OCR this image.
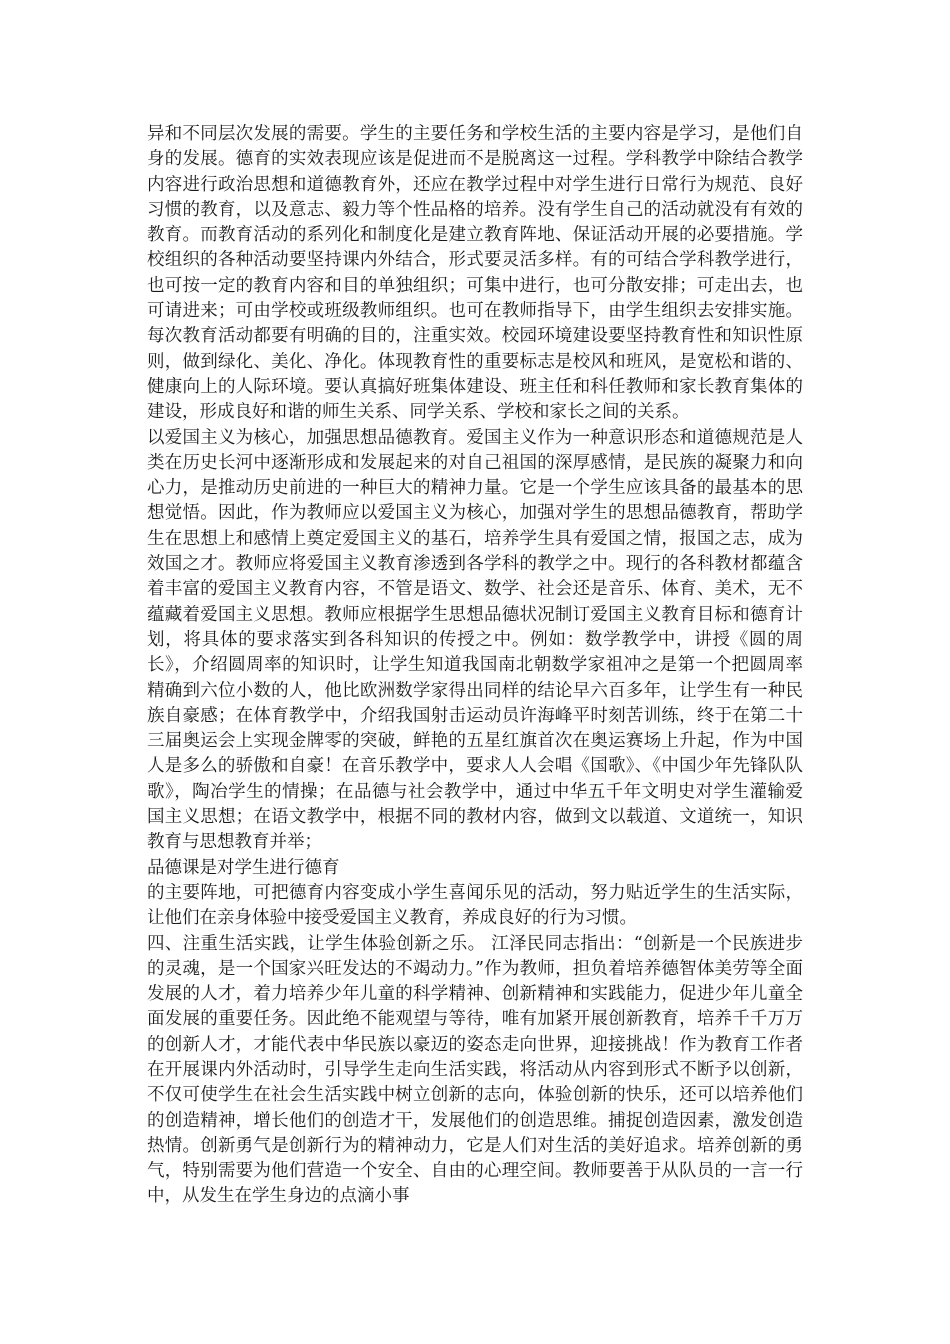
异和不同层次发展的需要。学生的主要任务和学校生活的主要内容是学习，是他们自身的发展。德育的实效表现应该是促进而不是脱离这一过程。学科教学中除结合教学内容进行政治思想和道德教育外，还应在教学过程中对学生进行日常行为规范、良好习惯的教育，以及意志、毅力等个性品格的培养。没有学生自己的活动就没有有效的教育。而教育活动的系列化和制度化是建立教育阵地、保证活动开展的必要措施。学校组织的各种活动要坚持课内外结合，形式要灵活多样。有的可结合学科教学进行，也可按一定的教育内容和目的单独组织；可集中进行，也可分散安排；可走出去，也可请进来；可由学校或班级教师组织。也可在教师指导下，由学生组织去安排实施。每次教育活动都要有明确的目的，注重实效。校园环境建设要坚持教育性和知识性原则，做到绿化、美化、净化。体现教育性的重要标志是校风和班风，是宽松和谐的、健康向上的人际环境。要认真搞好班集体建设、班主任和科任教师和家长教育集体的建设，形成良好和谐的师生关系、同学关系、学校和家长之间的关系。

以爱国主义为核心，加强思想品德教育。爱国主义作为一种意识形态和道德规范是人类在历史长河中逐渐形成和发展起来的对自己祖国的深厚感情，是民族的凝聚力和向心力，是推动历史前进的一种巨大的精神力量。它是一个学生应该具备的最基本的思想觉悟。因此，作为教师应以爱国主义为核心，加强对学生的思想品德教育，帮助学生在思想上和感情上奠定爱国主义的基石，培养学生具有爱国之情，报国之志，成为效国之才。教师应将爱国主义教育渗透到各学科的教学之中。现行的各科教材都蕴含着丰富的爱国主义教育内容，不管是语文、数学、社会还是音乐、体育、美术，无不蕴藏着爱国主义思想。教师应根据学生思想品德状况制订爱国主义教育目标和德育计划，将具体的要求落实到各科知识的传授之中。例如：数学教学中，讲授《圆的周长》，介绍圆周率的知识时，让学生知道我国南北朝数学家祖冲之是第一个把圆周率精确到六位小数的人，他比欧洲数学家得出同样的结论早六百多年，让学生有一种民族自豪感；在体育教学中，介绍我国射击运动员许海峰平时刻苦训练，终于在第二十三届奥运会上实现金牌零的突破，鲜艳的五星红旗首次在奥运赛场上升起，作为中国人是多么的骄傲和自豪！在音乐教学中，要求人人会唱《国歌》、《中国少年先锋队队歌》，陶冶学生的情操；在品德与社会教学中，通过中华五千年文明史对学生灌输爱国主义思想；在语文教学中，根据不同的教材内容，做到文以载道、文道统一，知识教育与思想教育并举；

品德课是对学生进行德育

的主要阵地，可把德育内容变成小学生喜闻乐见的活动，努力贴近学生的生活实际，让他们在亲身体验中接受爱国主义教育，养成良好的行为习惯。

四、注重生活实践，让学生体验创新之乐。 江泽民同志指出：“创新是一个民族进步的灵魂，是一个国家兴旺发达的不竭动力。”作为教师，担负着培养德智体美劳等全面发展的人才，着力培养少年儿童的科学精神、创新精神和实践能力，促进少年儿童全面发展的重要任务。因此绝不能观望与等待，唯有加紧开展创新教育，培养千千万万的创新人才，才能代表中华民族以豪迈的姿态走向世界，迎接挑战！作为教育工作者在开展课内外活动时，引导学生走向生活实践，将活动从内容到形式不断予以创新，不仅可使学生在社会生活实践中树立创新的志向，体验创新的快乐，还可以培养他们的创造精神，增长他们的创造才干，发展他们的创造思维。捕捉创造因素，激发创造热情。创新勇气是创新行为的精神动力，它是人们对生活的美好追求。培养创新的勇气，特别需要为他们营造一个安全、自由的心理空间。教师要善于从队员的一言一行中，从发生在学生身边的点滴小事
